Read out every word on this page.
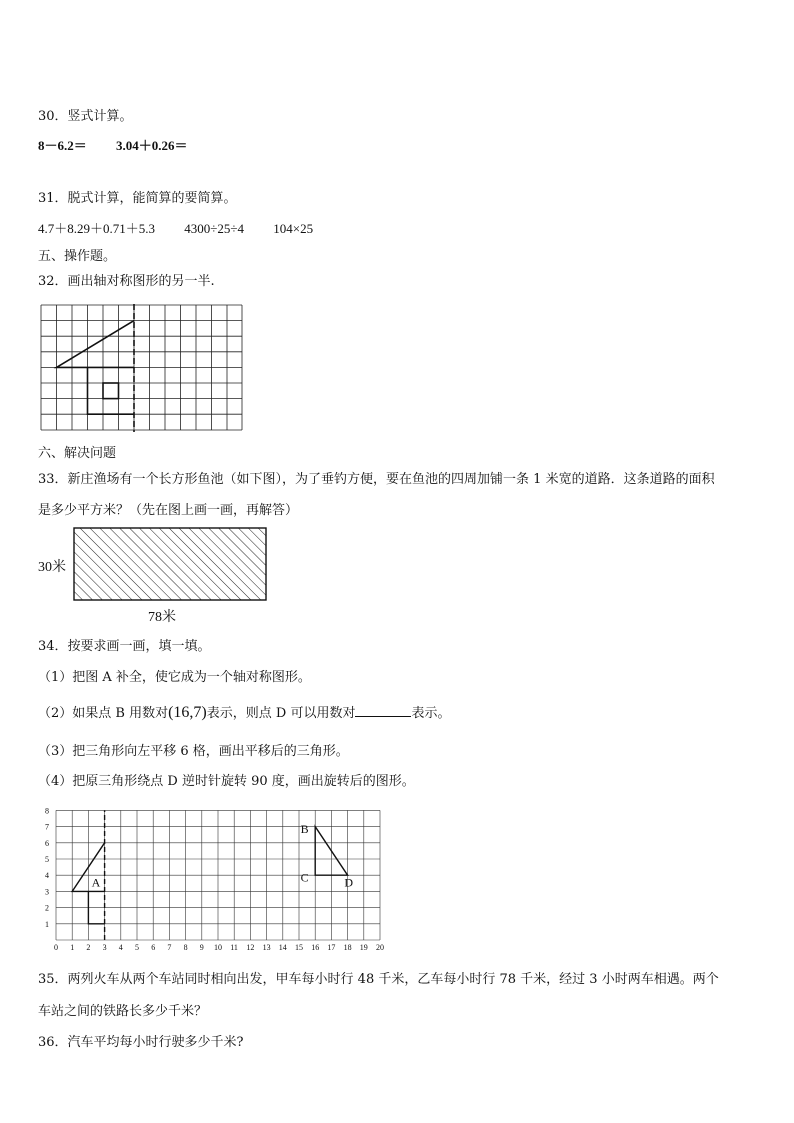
30．竖式计算。
8－6.2＝ 3.04＋0.26＝
31．脱式计算，能简算的要简算。
4.7＋8.29＋0.71＋5.3 4300÷25÷4 104×25
五、操作题。
32．画出轴对称图形的另一半.
六、解决问题
33．新庄渔场有一个长方形鱼池（如下图），为了垂钓方便，要在鱼池的四周加铺一条 1 米宽的道路．这条道路的面积
是多少平方米？（先在图上画一画，再解答）
30米
78米
34．按要求画一画，填一填。
（1）把图 A 补全，使它成为一个轴对称图形。
（2）如果点 B 用数对(16,7)表示，则点 D 可以用数对	表示。
（3）把三角形向左平移 6 格，画出平移后的三角形。
（4）把原三角形绕点 D 逆时针旋转 90 度，画出旋转后的图形。
0 1 2 3 4 5 6 7 8 9 10 11 12 13 14 15 16 17 18 19 20
1
2
3
4
5
6
7
8
A
B
C	D
35．两列火车从两个车站同时相向出发，甲车每小时行 48 千米，乙车每小时行 78 千米，经过 3 小时两车相遇。两个
车站之间的铁路长多少千米？
36．汽车平均每小时行驶多少千米?
